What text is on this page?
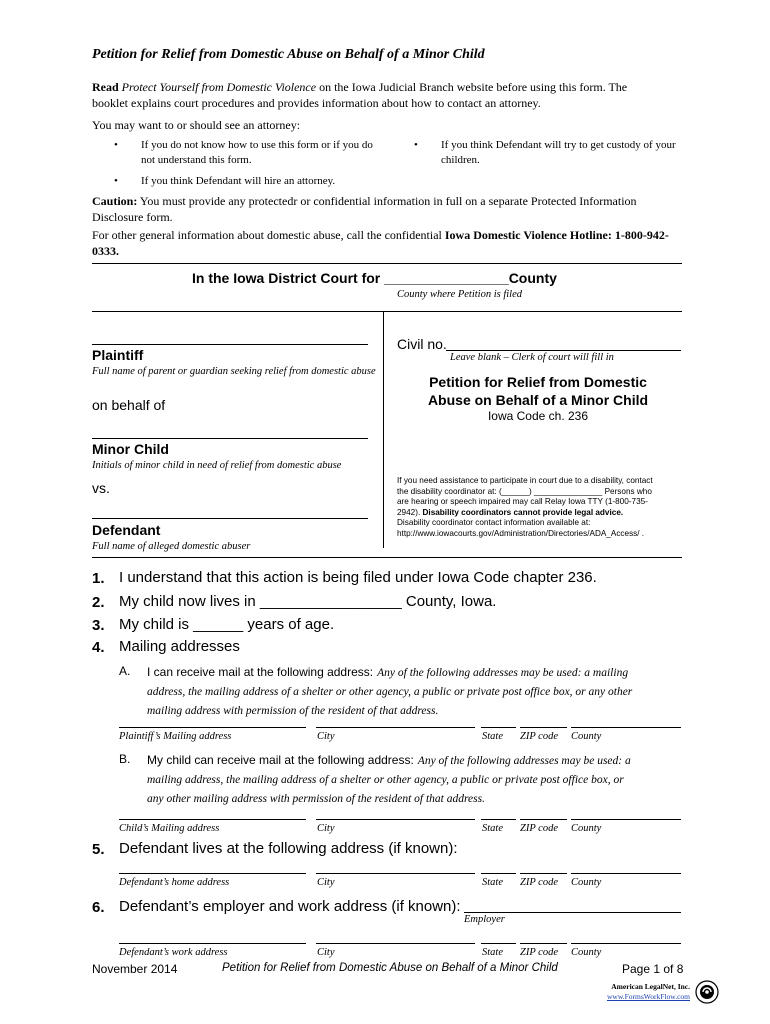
Petition for Relief from Domestic Abuse on Behalf of a Minor Child
Read Protect Yourself from Domestic Violence on the Iowa Judicial Branch website before using this form. The
booklet explains court procedures and provides information about how to contact an attorney.
You may want to or should see an attorney:
• If you do not know how to use this form or if you do not understand this form.
• If you think Defendant will try to get custody of your children.
• If you think Defendant will hire an attorney.
Caution: You must provide any protectedr or confidential information in full on a separate Protected Information Disclosure form.
For other general information about domestic abuse, call the confidential Iowa Domestic Violence Hotline: 1-800-942-0333.
In the Iowa District Court for ________________County
County where Petition is filed
Plaintiff
Full name of parent or guardian seeking relief from domestic abuse
on behalf of
Minor Child
Initials of minor child in need of relief from domestic abuse
vs.
Defendant
Full name of alleged domestic abuser
Civil no.
Leave blank – Clerk of court will fill in
Petition for Relief from Domestic
Abuse on Behalf of a Minor Child
Iowa Code ch. 236
If you need assistance to participate in court due to a disability, contact
the disability coordinator at: (______) _______________ Persons who
are hearing or speech impaired may call Relay Iowa TTY (1-800-735-
2942). Disability coordinators cannot provide legal advice.
Disability coordinator contact information available at:
http://www.iowacourts.gov/Administration/Directories/ADA_Access/ .
1. I understand that this action is being filed under Iowa Code chapter 236.
2. My child now lives in _________________ County, Iowa.
3. My child is ______ years of age.
4. Mailing addresses
A. I can receive mail at the following address: Any of the following addresses may be used: a mailing
address, the mailing address of a shelter or other agency, a public or private post office box, or any other
mailing address with permission of the resident of that address.
Plaintiff’s Mailing address	City	State ZIP code County
B. My child can receive mail at the following address: Any of the following addresses may be used: a
mailing address, the mailing address of a shelter or other agency, a public or private post office box, or
any other mailing address with permission of the resident of that address.
Child’s Mailing address	City	State ZIP code County
5. Defendant lives at the following address (if known):
Defendant’s home address	City	State ZIP code County
6. Defendant’s employer and work address (if known):
Employer
Defendant’s work address	City	State ZIP code County
November 2014	Petition for Relief from Domestic Abuse on Behalf of a Minor Child	Page 1 of 8
American LegalNet, Inc.
www.FormsWorkFlow.com
